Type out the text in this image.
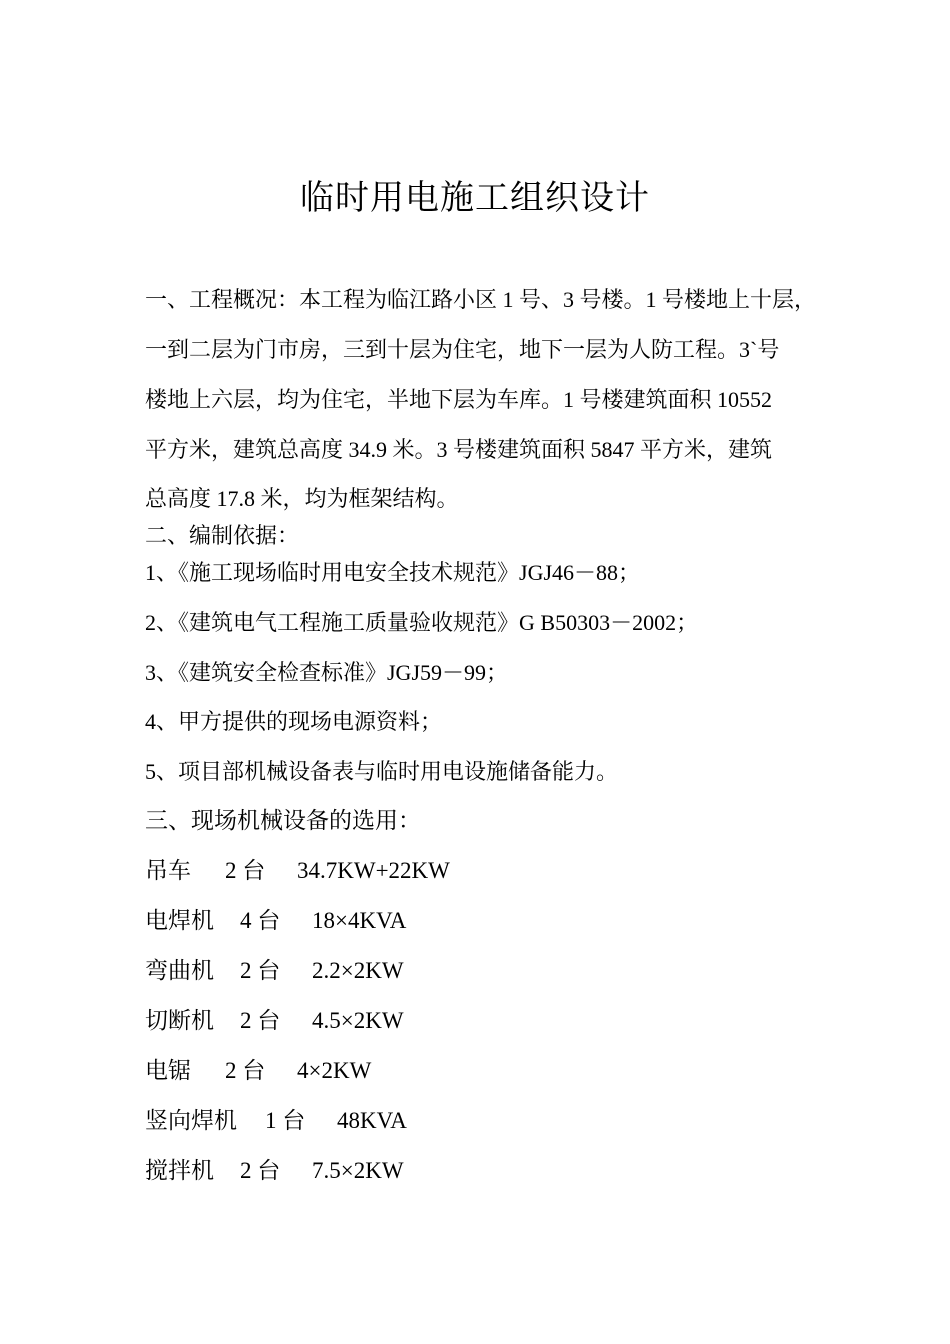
临时用电施工组织设计
一、工程概况：本工程为临江路小区 1 号、3 号楼。1 号楼地上十层，
一到二层为门市房，三到十层为住宅，地下一层为人防工程。3`号
楼地上六层，均为住宅，半地下层为车库。1 号楼建筑面积 10552
平方米，建筑总高度 34.9 米。3 号楼建筑面积 5847 平方米，建筑
总高度 17.8 米，均为框架结构。
二、编制依据：
1、《施工现场临时用电安全技术规范》JGJ46－88；
2、《建筑电气工程施工质量验收规范》G B50303－2002；
3、《建筑安全检查标准》JGJ59－99；
4、甲方提供的现场电源资料；
5、项目部机械设备表与临时用电设施储备能力。
三、现场机械设备的选用：
吊车 2 台 34.7KW+22KW
电焊机 4 台 18×4KVA
弯曲机 2 台 2.2×2KW
切断机 2 台 4.5×2KW
电锯 2 台 4×2KW
竖向焊机 1 台 48KVA
搅拌机 2 台 7.5×2KW
